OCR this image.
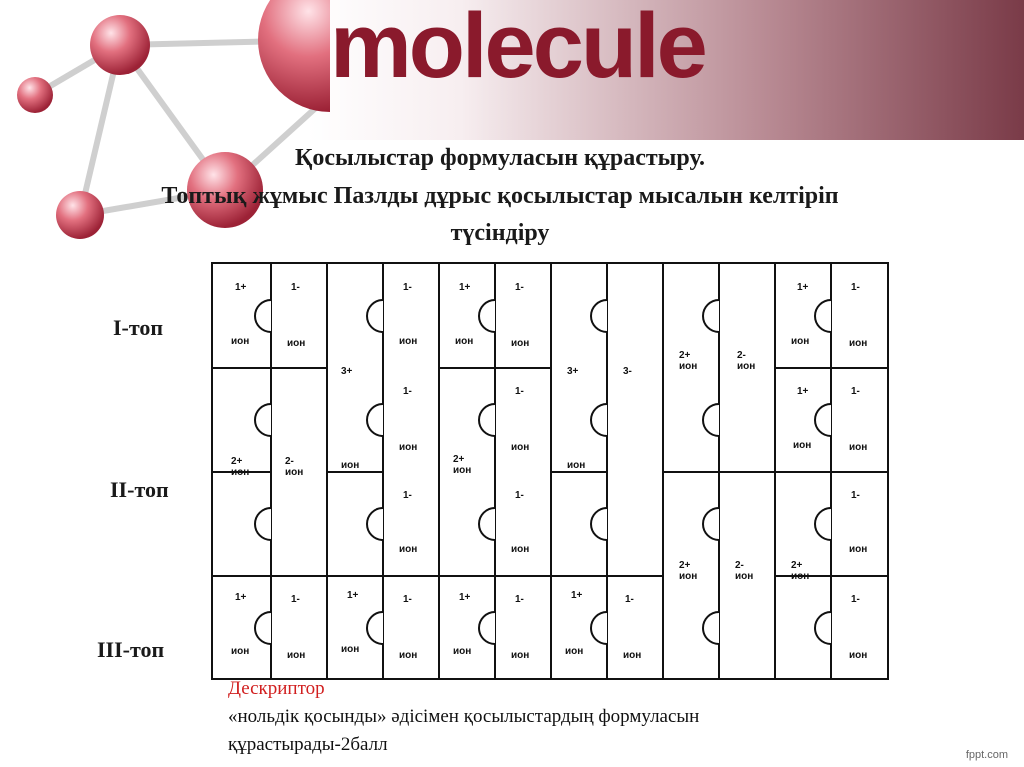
molecule
Қосылыстар формуласын құрастыру.
Топтық жұмыс Пазлды дұрыс қосылыстар мысалын келтіріп
түсіндіру
I-топ
II-топ
III-топ
1+
ион
1-
ион
3+
1-
ион
1+
ион
1-
ион
3+	3-
2+
ион
2-
ион
1+
ион
1-
ион
1-
ион
1-
ион
1+
ион
1-
ион
2+
ион
2-
ион
ион
2+
ион	ион
1-
ион
1-
ион
1-
ион
2+
ион
2-
ион
2+
ион
1+
ион
1-
ион
1+
ион
1-
ион
1+
ион
1-
ион
1+
ион
1-
ион
1-
ион
Дескриптор
«нольдік қосынды» әдісімен қосылыстардың формуласын
құрастырады-2балл	fppt.com
